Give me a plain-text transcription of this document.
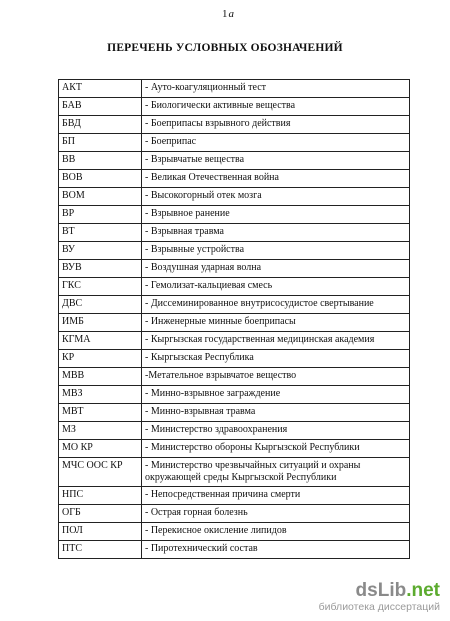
1а
ПЕРЕЧЕНЬ УСЛОВНЫХ ОБОЗНАЧЕНИЙ
АКТ	- Ауто-коагуляционный тест
БАВ	- Биологически активные вещества
БВД	- Боеприпасы взрывного действия
БП	- Боеприпас
ВВ	- Взрывчатые вещества
ВОВ	- Великая Отечественная война
ВОМ	- Высокогорный отек мозга
ВР	- Взрывное ранение
ВТ	- Взрывная травма
ВУ	- Взрывные устройства
ВУВ	- Воздушная ударная волна
ГКС	- Гемолизат-кальциевая смесь
ДВС	- Диссеминированное внутрисосудистое свертывание
ИМБ	- Инженерные минные боеприпасы
КГМА	- Кыргызская государственная медицинская академия
КР	- Кыргызская Республика
МВВ	-Метательное взрывчатое вещество
МВЗ	- Минно-взрывное заграждение
МВТ	- Минно-взрывная травма
МЗ	- Министерство здравоохранения
МО КР	- Министерство обороны Кыргызской Республики
МЧС ООС КР	- Министерство чрезвычайных ситуаций и охраны окружающей среды Кыргызской Республики
НПС	- Непосредственная причина смерти
ОГБ	- Острая горная болезнь
ПОЛ	- Перекисное окисление липидов
ПТС	- Пиротехнический состав
dsLib.net
библиотека диссертаций
